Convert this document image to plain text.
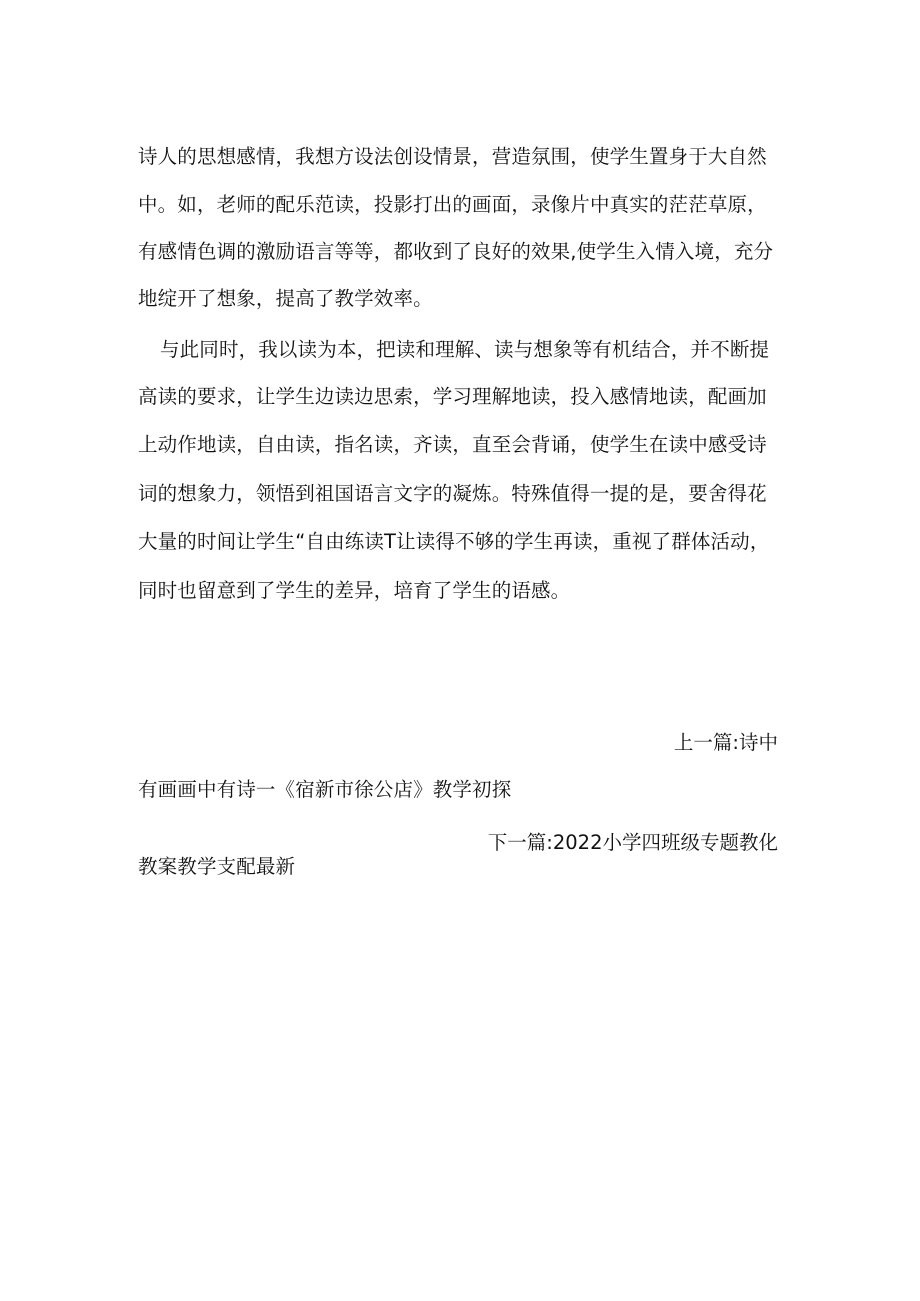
诗人的思想感情，我想方设法创设情景，营造氛围，使学生置身于大自然
中。如，老师的配乐范读，投影打出的画面，录像片中真实的茫茫草原，
有感情色调的激励语言等等，都收到了良好的效果,使学生入情入境，充分
地绽开了想象，提高了教学效率。
与此同时，我以读为本，把读和理解、读与想象等有机结合，并不断提
高读的要求，让学生边读边思索，学习理解地读，投入感情地读，配画加
上动作地读，自由读，指名读，齐读，直至会背诵，使学生在读中感受诗
词的想象力，领悟到祖国语言文字的凝炼。特殊值得一提的是，要舍得花
大量的时间让学生“自由练读T让读得不够的学生再读，重视了群体活动，
同时也留意到了学生的差异，培育了学生的语感。
上一篇:诗中
有画画中有诗一《宿新市徐公店》教学初探
下一篇:2022小学四班级专题教化
教案教学支配最新
